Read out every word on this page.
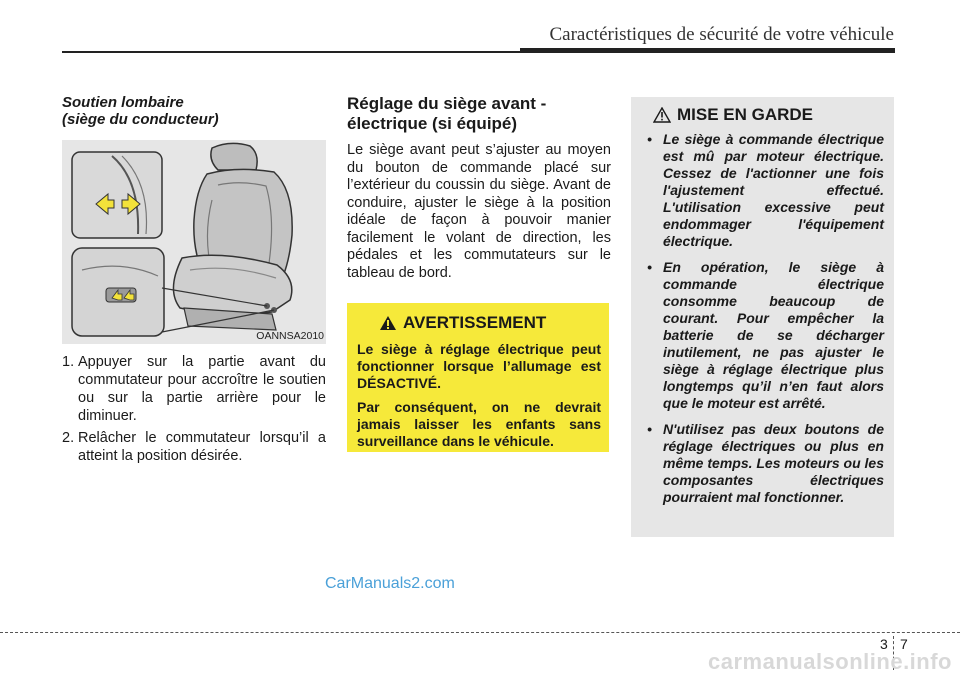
Caractéristiques de sécurité de votre véhicule

Soutien lombaire

(siège du conducteur)

OANNSA2010
1. Appuyer sur la partie avant du commutateur pour accroître le soutien ou sur la partie arrière pour le diminuer.
2. Relâcher le commutateur lorsqu’il a atteint la position désirée.
Réglage du siège avant -
électrique (si équipé)

Le siège avant peut s’ajuster au moyen du bouton de commande placé sur l’extérieur du coussin du siège. Avant de conduire, ajuster le siège à la position idéale de façon à pouvoir manier facilement le volant de direction, les pédales et les commutateurs sur le tableau de bord.

AVERTISSEMENT

Le siège à réglage électrique peut fonctionner lorsque l’allumage est DÉSACTIVÉ.

Par conséquent, on ne devrait jamais laisser les enfants sans surveillance dans le véhicule.

MISE EN GARDE
• Le siège à commande électrique est mû par moteur électrique. Cessez de l'actionner une fois l'ajustement effectué. L'utilisation excessive peut endommager l'équipement électrique.
• En opération, le siège à commande électrique consomme beaucoup de courant. Pour empêcher la batterie de se décharger inutilement, ne pas ajuster le siège à réglage électrique plus longtemps qu’il n’en faut alors que le moteur est arrêté.
• N'utilisez pas deux boutons de réglage électriques ou plus en même temps. Les moteurs ou les composantes électriques pourraient mal fonctionner.
CarManuals2.com
3 7
carmanualsonline.info
